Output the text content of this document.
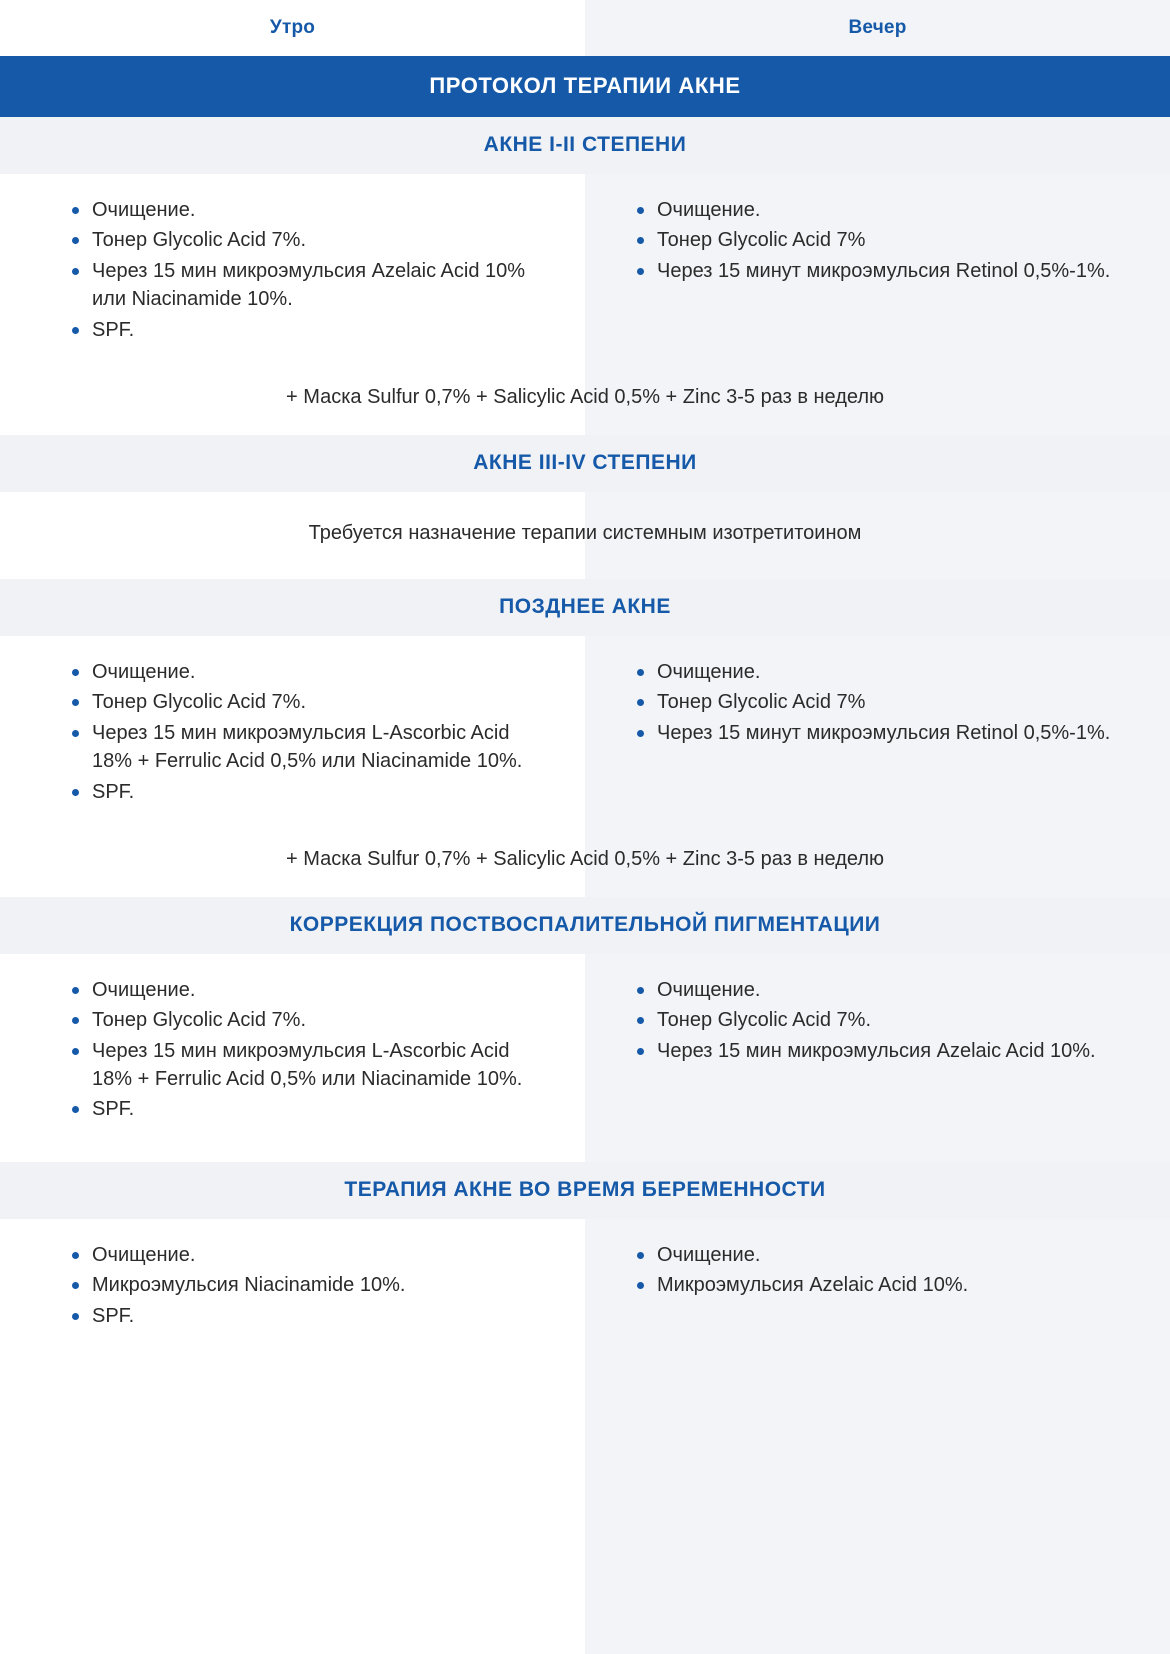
Утро	Вечер
ПРОТОКОЛ ТЕРАПИИ АКНЕ
АКНЕ I-II СТЕПЕНИ
Очищение.
Тонер Glycolic Acid 7%.
Через 15 мин микроэмульсия Azelaic Acid 10% или Niacinamide 10%.
SPF.
Очищение.
Тонер Glycolic Acid 7%
Через 15 минут микроэмульсия Retinol 0,5%-1%.
+ Маска Sulfur 0,7% + Salicylic Acid 0,5% + Zinc 3-5 раз в неделю
АКНЕ III-IV СТЕПЕНИ
Требуется назначение терапии системным изотретитоином
ПОЗДНЕЕ АКНЕ
Очищение.
Тонер Glycolic Acid 7%.
Через 15 мин микроэмульсия L-Ascorbic Acid 18% + Ferrulic Acid 0,5% или Niacinamide 10%.
SPF.
Очищение.
Тонер Glycolic Acid 7%
Через 15 минут микроэмульсия Retinol 0,5%-1%.
+ Маска Sulfur 0,7% + Salicylic Acid 0,5% + Zinc 3-5 раз в неделю
КОРРЕКЦИЯ ПОСТВОСПАЛИТЕЛЬНОЙ ПИГМЕНТАЦИИ
Очищение.
Тонер Glycolic Acid 7%.
Через 15 мин микроэмульсия L-Ascorbic Acid 18% + Ferrulic Acid 0,5% или Niacinamide 10%.
SPF.
Очищение.
Тонер Glycolic Acid 7%.
Через 15 мин микроэмульсия Azelaic Acid 10%.
ТЕРАПИЯ АКНЕ ВО ВРЕМЯ БЕРЕМЕННОСТИ
Очищение.
Микроэмульсия Niacinamide 10%.
SPF.
Очищение.
Микроэмульсия Azelaic Acid 10%.
